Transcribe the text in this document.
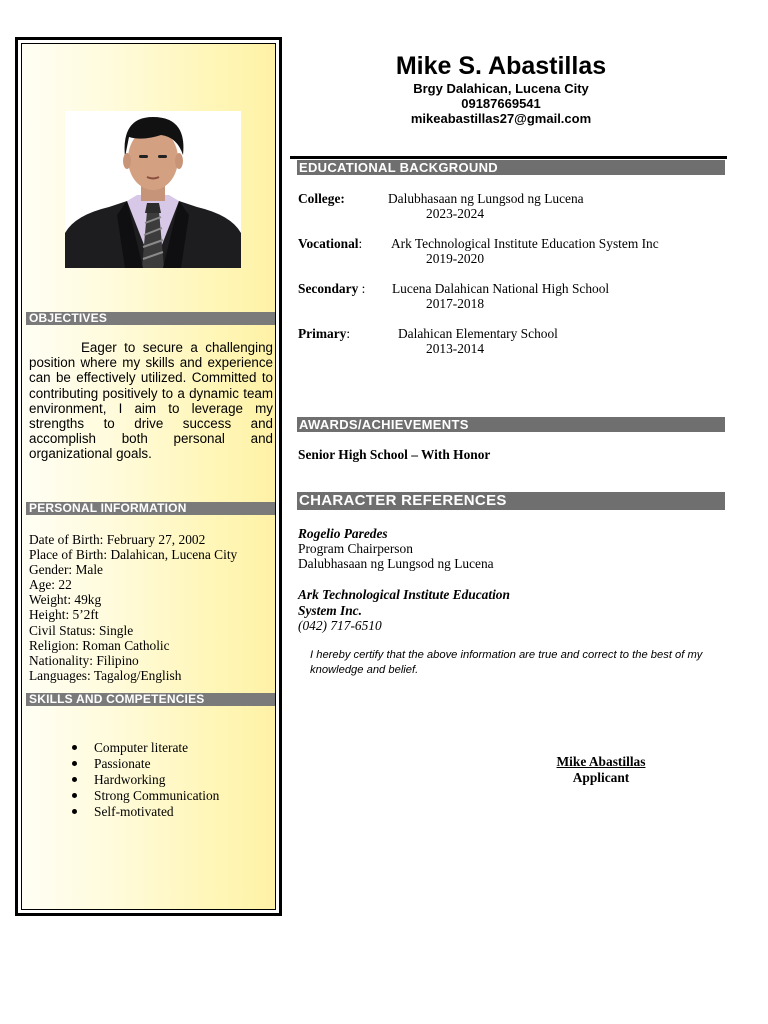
OBJECTIVES
Eager to secure a challenging position where my skills and experience can be effectively utilized. Committed to contributing positively to a dynamic team environment, I aim to leverage my strengths to drive success and accomplish both personal and organizational goals.
PERSONAL INFORMATION
Date of Birth: February 27, 2002
Place of Birth: Dalahican, Lucena City
Gender: Male
Age: 22
Weight: 49kg
Height: 5’2ft
Civil Status: Single
Religion: Roman Catholic
Nationality: Filipino
Languages: Tagalog/English
SKILLS AND COMPETENCIES
Computer literate
Passionate
Hardworking
Strong Communication
Self-motivated
Mike S. Abastillas
Brgy Dalahican, Lucena City
09187669541
mikeabastillas27@gmail.com
EDUCATIONAL BACKGROUND
College:	Dalubhasaan ng Lungsod ng Lucena
2023-2024
Vocational: Ark Technological Institute Education System Inc
2019-2020
Secondary : Lucena Dalahican National High School
2017-2018
Primary:	Dalahican Elementary School
2013-2014
AWARDS/ACHIEVEMENTS
Senior High School – With Honor
CHARACTER REFERENCES
Rogelio Paredes
Program Chairperson
Dalubhasaan ng Lungsod ng Lucena
Ark Technological Institute Education
System Inc.
(042) 717-6510
I hereby certify that the above information are true and correct to the best of my knowledge and belief.
Mike Abastillas
Applicant
